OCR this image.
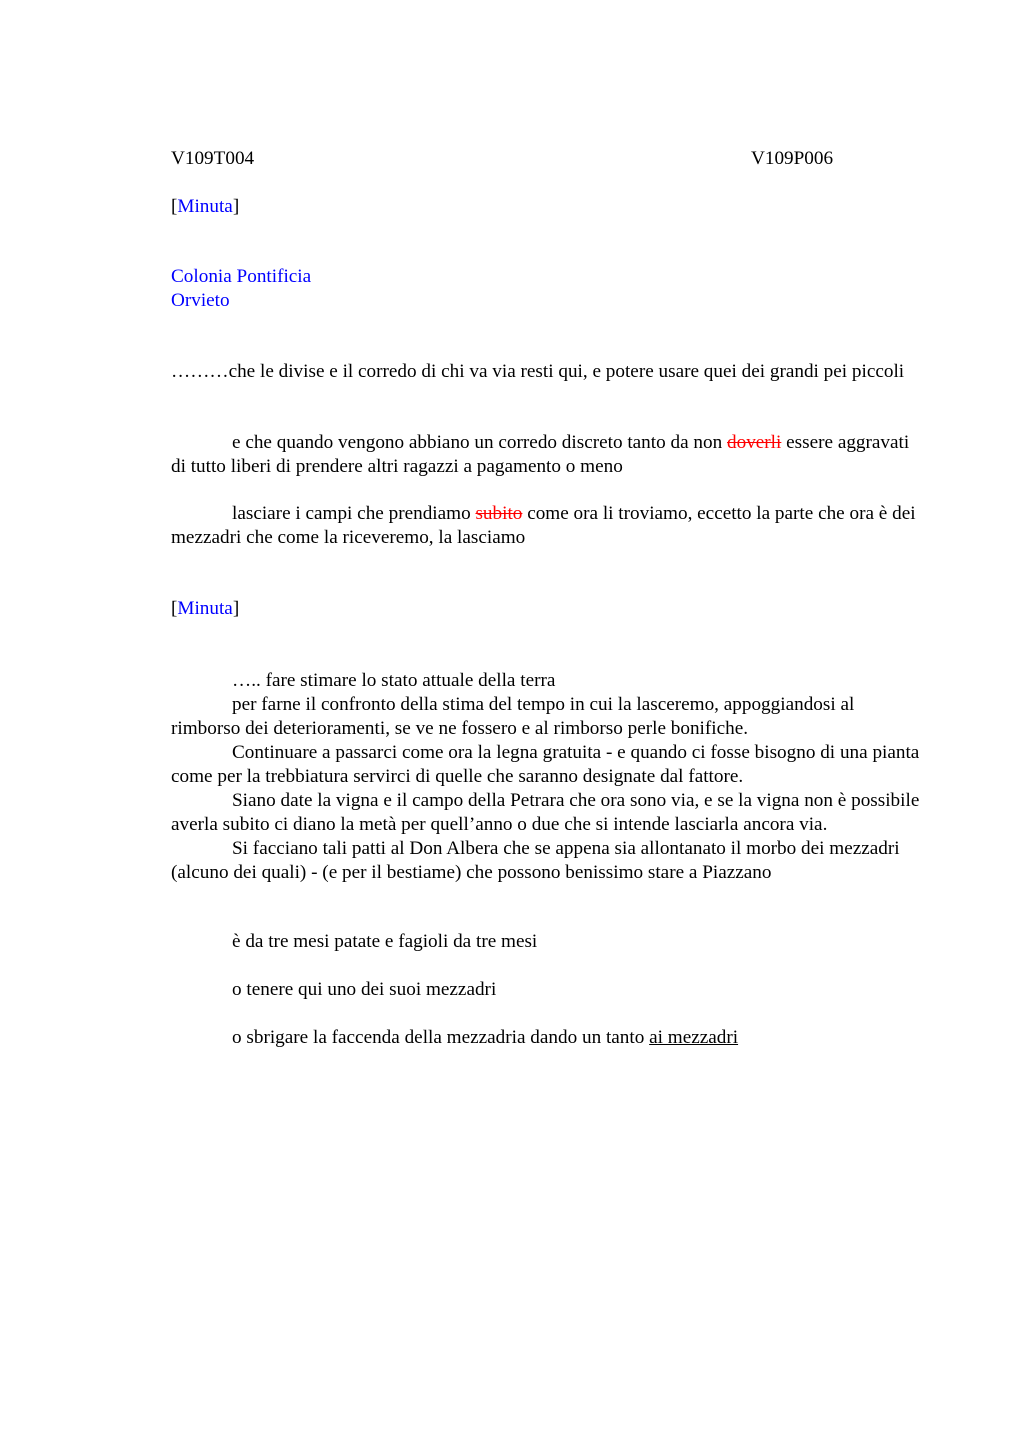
V109T004	V109P006

[Minuta]

Colonia Pontificia

Orvieto

………che le divise e il corredo di chi va via resti qui, e potere usare quei dei grandi pei piccoli

e che quando vengono abbiano un corredo discreto tanto da non doverli essere aggravati di tutto liberi di prendere altri ragazzi a pagamento o meno

lasciare i campi che prendiamo subito come ora li troviamo, eccetto la parte che ora è dei mezzadri che come la riceveremo, la lasciamo

[Minuta]

….. fare stimare lo stato attuale della terra

per farne il confronto della stima del tempo in cui la lasceremo, appoggiandosi al rimborso dei deterioramenti, se ve ne fossero e al rimborso perle bonifiche.

Continuare a passarci come ora la legna gratuita - e quando ci fosse bisogno di una pianta come per la trebbiatura servirci di quelle che saranno designate dal fattore.

Siano date la vigna e il campo della Petrara che ora sono via, e se la vigna non è possibile averla subito ci diano la metà per quell’anno o due che si intende lasciarla ancora via.

Si facciano tali patti al Don Albera che se appena sia allontanato il morbo dei mezzadri (alcuno dei quali) - (e per il bestiame) che possono benissimo stare a Piazzano

è da tre mesi patate e fagioli da tre mesi

o tenere qui uno dei suoi mezzadri

o sbrigare la faccenda della mezzadria dando un tanto ai mezzadri
